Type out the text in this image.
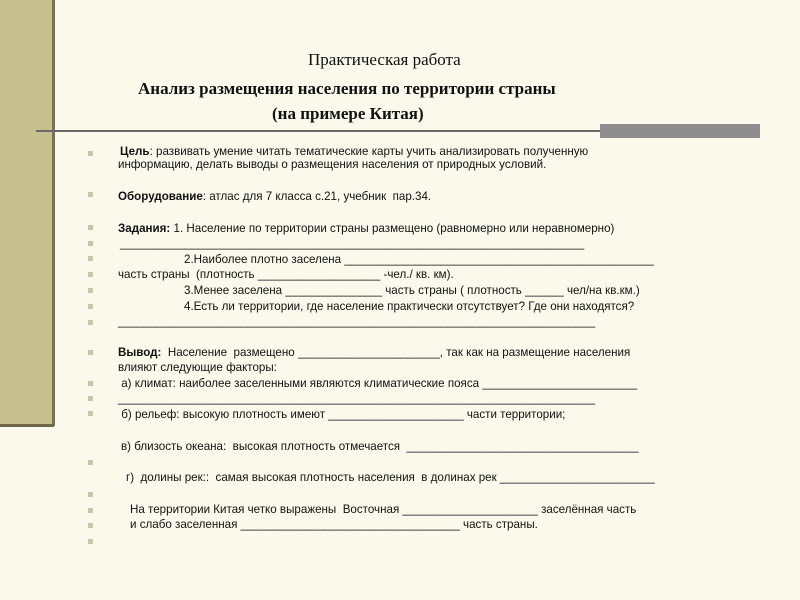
Практическая работа
Анализ размещения населения по территории страны
(на примере Китая)
Цель: развивать умение читать тематические карты учить анализировать полученную
информацию, делать выводы о размещения населения от природных условий.
Оборудование: атлас для 7 класса с.21, учебник  пар.34.
Задания: 1. Население по территории страны размещено (равномерно или неравномерно)
________________________________________________________________________
2.Наиболее плотно заселена ________________________________________________
часть страны  (плотность ___________________ -чел./ кв. км).
3.Менее заселена _______________ часть страны ( плотность ______ чел/на кв.км.)
4.Есть ли территории, где население практически отсутствует? Где они находятся?
__________________________________________________________________________
Вывод:  Население  размещено ______________________, так как на размещение населения
влияют следующие факторы:
а) климат: наиболее заселенными являются климатические пояса ________________________
__________________________________________________________________________
б) рельеф: высокую плотность имеют _____________________ части территории;
в) близость океана:  высокая плотность отмечается  ____________________________________
г)  долины рек::  самая высокая плотность населения  в долинах рек ________________________
На территории Китая четко выражены  Восточная _____________________ заселённая часть
и слабо заселенная __________________________________ часть страны.
